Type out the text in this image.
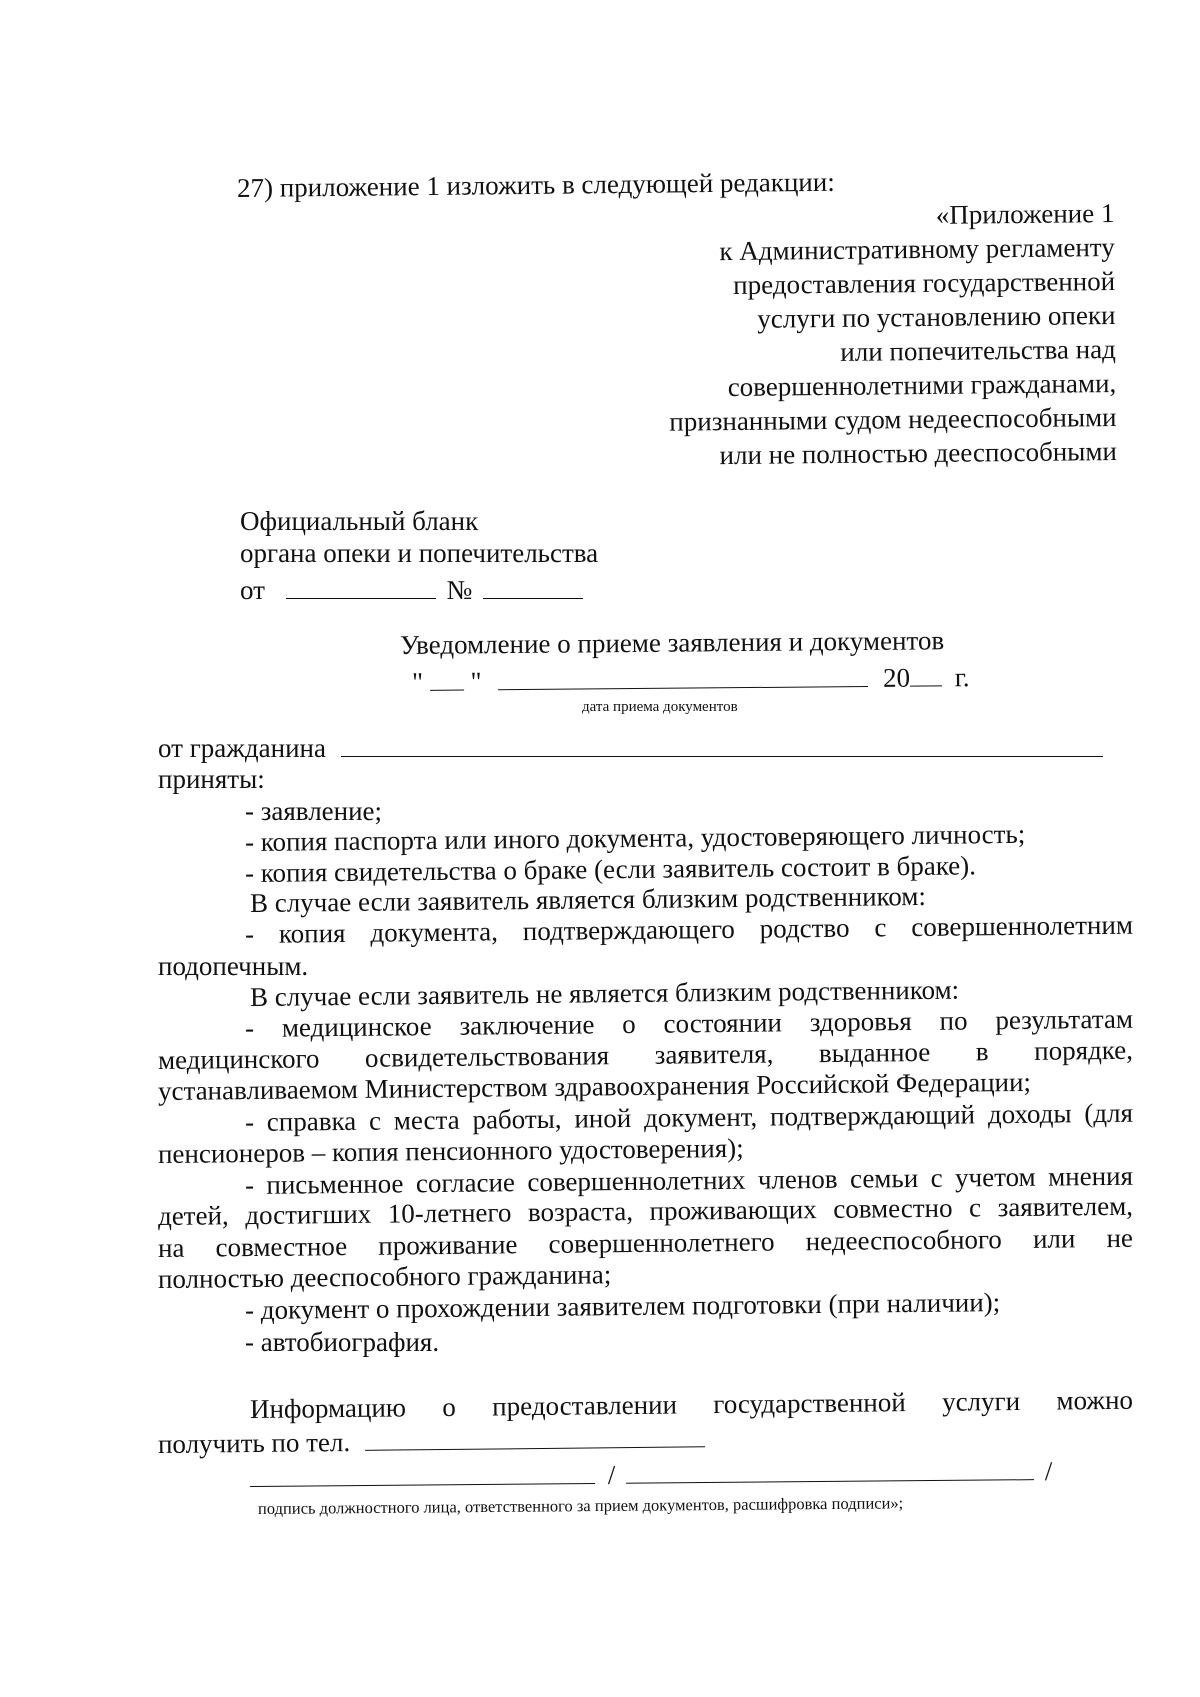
27) приложение 1 изложить в следующей редакции:
«Приложение 1
к Административному регламенту
предоставления государственной
услуги по установлению опеки
или попечительства над
совершеннолетними гражданами,
признанными судом недееспособными
или не полностью дееспособными
Официальный бланк
органа опеки и попечительства
от	№
Уведомление о приеме заявления и документов
" "	20 г.
дата приема документов
от гражданина
приняты:
- заявление;
- копия паспорта или иного документа, удостоверяющего личность;
- копия свидетельства о браке (если заявитель состоит в браке).
В случае если заявитель является близким родственником:
- копия документа, подтверждающего родство с совершеннолетним
подопечным.
В случае если заявитель не является близким родственником:
- медицинское заключение о состоянии здоровья по результатам
медицинского освидетельствования заявителя, выданное в порядке,
устанавливаемом Министерством здравоохранения Российской Федерации;
- справка с места работы, иной документ, подтверждающий доходы (для
пенсионеров – копия пенсионного удостоверения);
- письменное согласие совершеннолетних членов семьи с учетом мнения
детей, достигших 10-летнего возраста, проживающих совместно с заявителем,
на совместное проживание совершеннолетнего недееспособного или не
полностью дееспособного гражданина;
- документ о прохождении заявителем подготовки (при наличии);
- автобиография.
Информацию о предоставлении государственной услуги можно
получить по тел.
/	/
подпись должностного лица, ответственного за прием документов, расшифровка подписи»;
